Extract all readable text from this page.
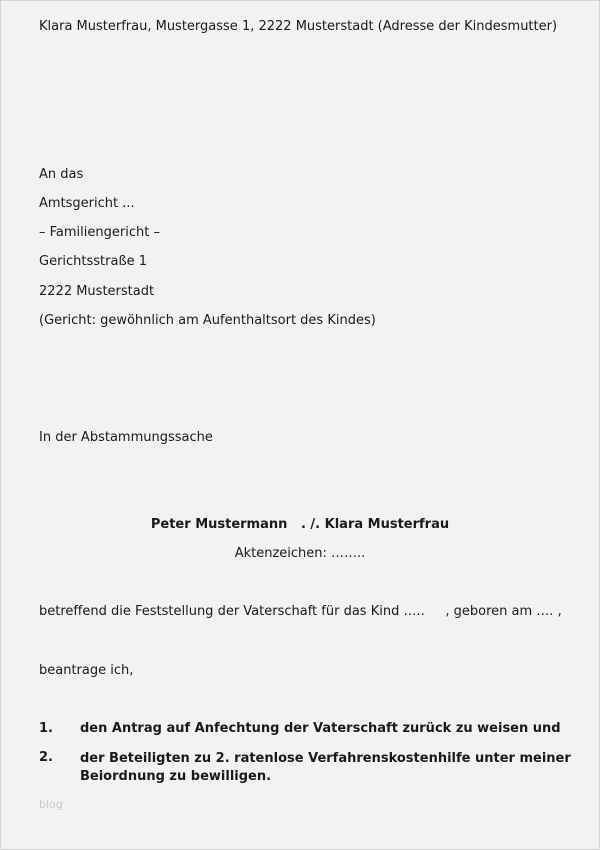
Klara Musterfrau, Mustergasse 1, 2222 Musterstadt (Adresse der Kindesmutter)
An das
Amtsgericht ...
– Familiengericht –
Gerichtsstraße 1
2222 Musterstadt
(Gericht: gewöhnlich am Aufenthaltsort des Kindes)
In der Abstammungssache
Peter Mustermann   . /. Klara Musterfrau
Aktenzeichen: ……..
betreffend die Feststellung der Vaterschaft für das Kind …..     , geboren am …. ,
beantrage ich,
1. den Antrag auf Anfechtung der Vaterschaft zurück zu weisen und
2. der Beteiligten zu 2. ratenlose Verfahrenskostenhilfe unter meiner Beiordnung zu bewilligen.
blog
